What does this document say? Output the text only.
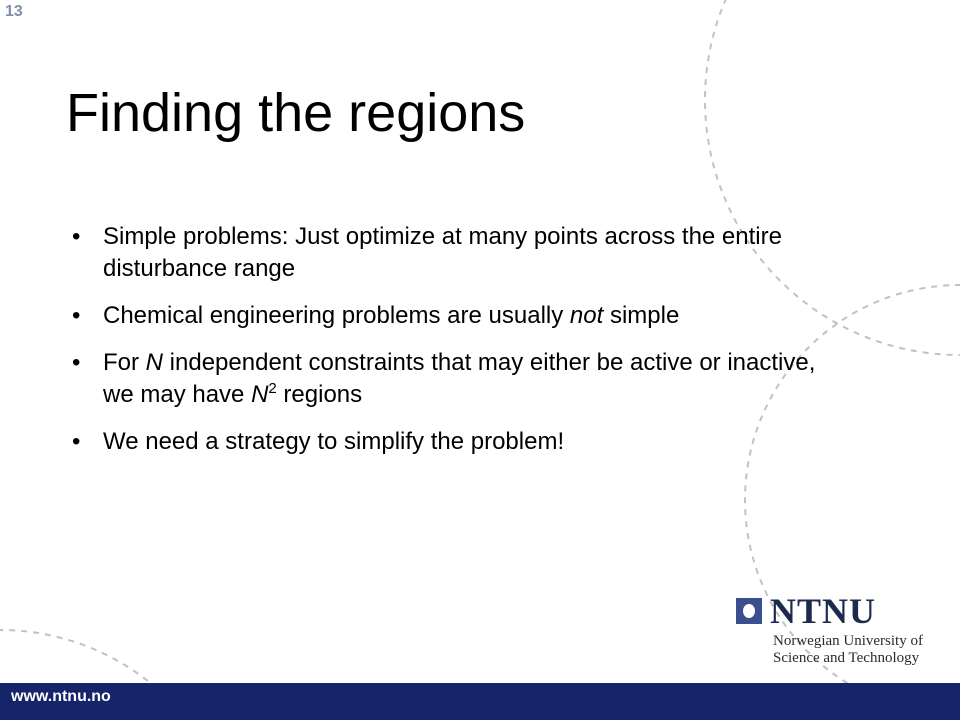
13
Finding the regions
• Simple problems: Just optimize at many points across the entire disturbance range
• Chemical engineering problems are usually not simple
• For N independent constraints that may either be active or inactive, we may have $N^2$ regions
• We need a strategy to simplify the problem!
NTNU
Norwegian University of
Science and Technology
www.ntnu.no
